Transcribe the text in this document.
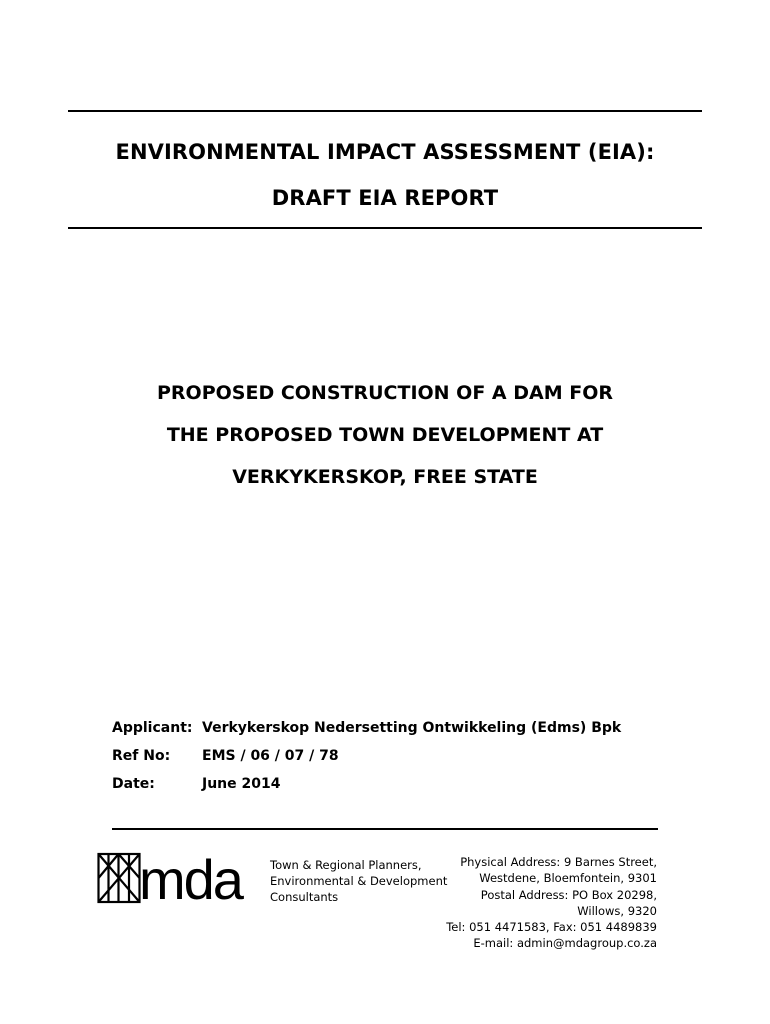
ENVIRONMENTAL IMPACT ASSESSMENT (EIA):
DRAFT EIA REPORT
PROPOSED CONSTRUCTION OF A DAM FOR
THE PROPOSED TOWN DEVELOPMENT AT
VERKYKERSKOP, FREE STATE
Applicant: Verkykerskop Nedersetting Ontwikkeling (Edms) Bpk
Ref No: EMS / 06 / 07 / 78
Date:	June 2014
mda Town & Regional Planners,
Environmental & Development
Consultants
Physical Address: 9 Barnes Street,
Westdene, Bloemfontein, 9301
Postal Address: PO Box 20298,
Willows, 9320
Tel: 051 4471583, Fax: 051 4489839
E-mail: admin@mdagroup.co.za
